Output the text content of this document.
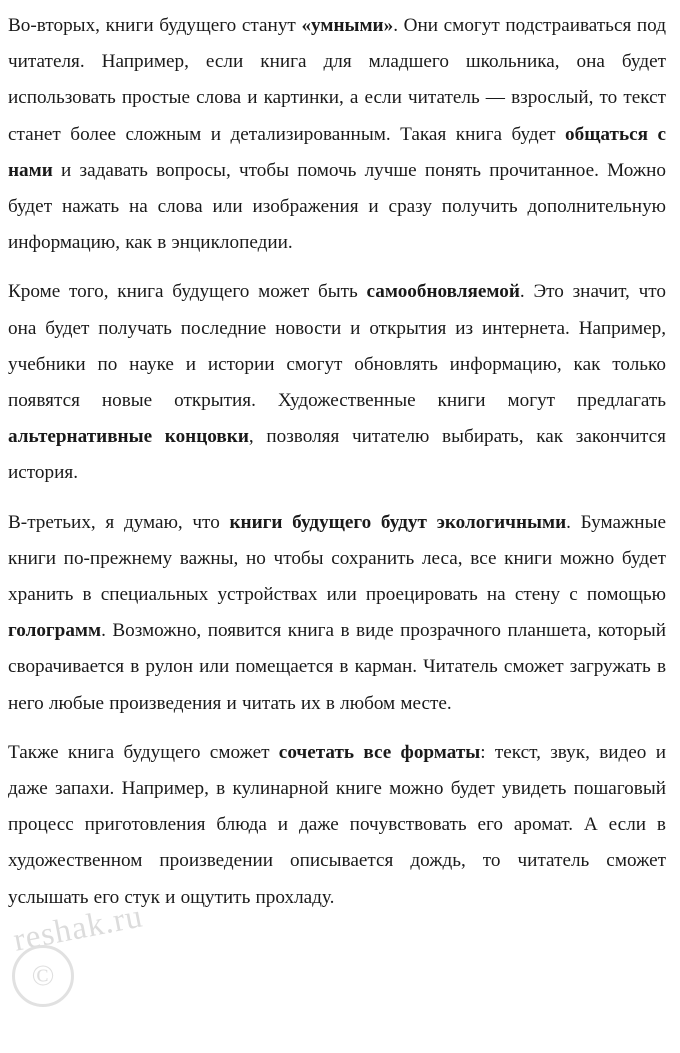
Во-вторых, книги будущего станут «умными». Они смогут подстраиваться под читателя. Например, если книга для младшего школьника, она будет использовать простые слова и картинки, а если читатель — взрослый, то текст станет более сложным и детализированным. Такая книга будет общаться с нами и задавать вопросы, чтобы помочь лучше понять прочитанное. Можно будет нажать на слова или изображения и сразу получить дополнительную информацию, как в энциклопедии.

Кроме того, книга будущего может быть самообновляемой. Это значит, что она будет получать последние новости и открытия из интернета. Например, учебники по науке и истории смогут обновлять информацию, как только появятся новые открытия. Художественные книги могут предлагать альтернативные концовки, позволяя читателю выбирать, как закончится история.

В-третьих, я думаю, что книги будущего будут экологичными. Бумажные книги по-прежнему важны, но чтобы сохранить леса, все книги можно будет хранить в специальных устройствах или проецировать на стену с помощью голограмм. Возможно, появится книга в виде прозрачного планшета, который сворачивается в рулон или помещается в карман. Читатель сможет загружать в него любые произведения и читать их в любом месте.

Также книга будущего сможет сочетать все форматы: текст, звук, видео и даже запахи. Например, в кулинарной книге можно будет увидеть пошаговый процесс приготовления блюда и даже почувствовать его аромат. А если в художественном произведении описывается дождь, то читатель сможет услышать его стук и ощутить прохладу.

reshak.ru
©
